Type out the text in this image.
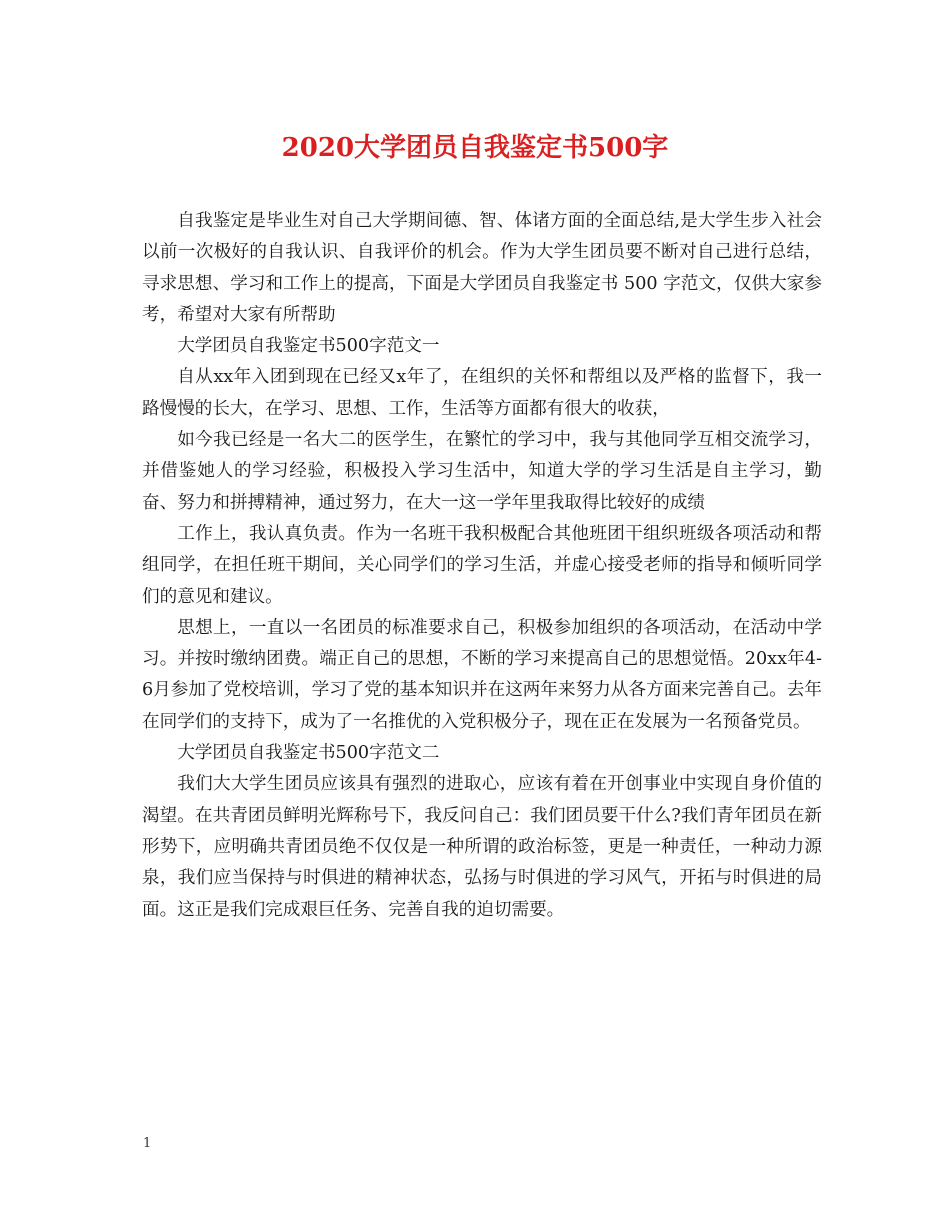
2020大学团员自我鉴定书500字

自我鉴定是毕业生对自己大学期间德、智、体诸方面的全面总结,是大学生步入社会以前一次极好的自我认识、自我评价的机会。作为大学生团员要不断对自己进行总结，寻求思想、学习和工作上的提高，下面是大学团员自我鉴定书 500 字范文，仅供大家参考，希望对大家有所帮助

大学团员自我鉴定书500字范文一

自从xx年入团到现在已经又x年了，在组织的关怀和帮组以及严格的监督下，我一路慢慢的长大，在学习、思想、工作，生活等方面都有很大的收获，

如今我已经是一名大二的医学生，在繁忙的学习中，我与其他同学互相交流学习，并借鉴她人的学习经验，积极投入学习生活中，知道大学的学习生活是自主学习，勤奋、努力和拼搏精神，通过努力，在大一这一学年里我取得比较好的成绩

工作上，我认真负责。作为一名班干我积极配合其他班团干组织班级各项活动和帮组同学，在担任班干期间，关心同学们的学习生活，并虚心接受老师的指导和倾听同学们的意见和建议。

思想上，一直以一名团员的标准要求自己，积极参加组织的各项活动，在活动中学习。并按时缴纳团费。端正自己的思想，不断的学习来提高自己的思想觉悟。20xx年4-6月参加了党校培训，学习了党的基本知识并在这两年来努力从各方面来完善自己。去年在同学们的支持下，成为了一名推优的入党积极分子，现在正在发展为一名预备党员。

大学团员自我鉴定书500字范文二

我们大大学生团员应该具有强烈的进取心，应该有着在开创事业中实现自身价值的渴望。在共青团员鲜明光辉称号下，我反问自己：我们团员要干什么?我们青年团员在新形势下，应明确共青团员绝不仅仅是一种所谓的政治标签，更是一种责任，一种动力源泉，我们应当保持与时俱进的精神状态，弘扬与时俱进的学习风气，开拓与时俱进的局面。这正是我们完成艰巨任务、完善自我的迫切需要。

1
